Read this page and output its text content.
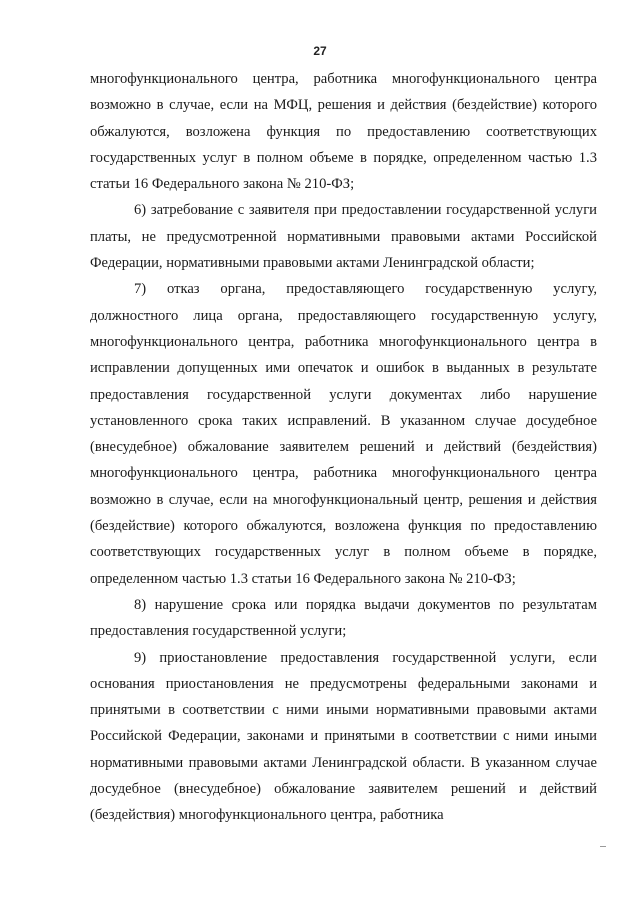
27

многофункционального центра, работника многофункционального центра возможно в случае, если на МФЦ, решения и действия (бездействие) которого обжалуются, возложена функция по предоставлению соответствующих государственных услуг в полном объеме в порядке, определенном частью 1.3 статьи 16 Федерального закона № 210-ФЗ;

6) затребование с заявителя при предоставлении государственной услуги платы, не предусмотренной нормативными правовыми актами Российской Федерации, нормативными правовыми актами Ленинградской области;

7) отказ органа, предоставляющего государственную услугу, должностного лица органа, предоставляющего государственную услугу, многофункционального центра, работника многофункционального центра в исправлении допущенных ими опечаток и ошибок в выданных в результате предоставления государственной услуги документах либо нарушение установленного срока таких исправлений. В указанном случае досудебное (внесудебное) обжалование заявителем решений и действий (бездействия) многофункционального центра, работника многофункционального центра возможно в случае, если на многофункциональный центр, решения и действия (бездействие) которого обжалуются, возложена функция по предоставлению соответствующих государственных услуг в полном объеме в порядке, определенном частью 1.3 статьи 16 Федерального закона № 210-ФЗ;

8) нарушение срока или порядка выдачи документов по результатам предоставления государственной услуги;

9) приостановление предоставления государственной услуги, если основания приостановления не предусмотрены федеральными законами и принятыми в соответствии с ними иными нормативными правовыми актами Российской Федерации, законами и принятыми в соответствии с ними иными нормативными правовыми актами Ленинградской области. В указанном случае досудебное (внесудебное) обжалование заявителем решений и действий (бездействия) многофункционального центра, работника
